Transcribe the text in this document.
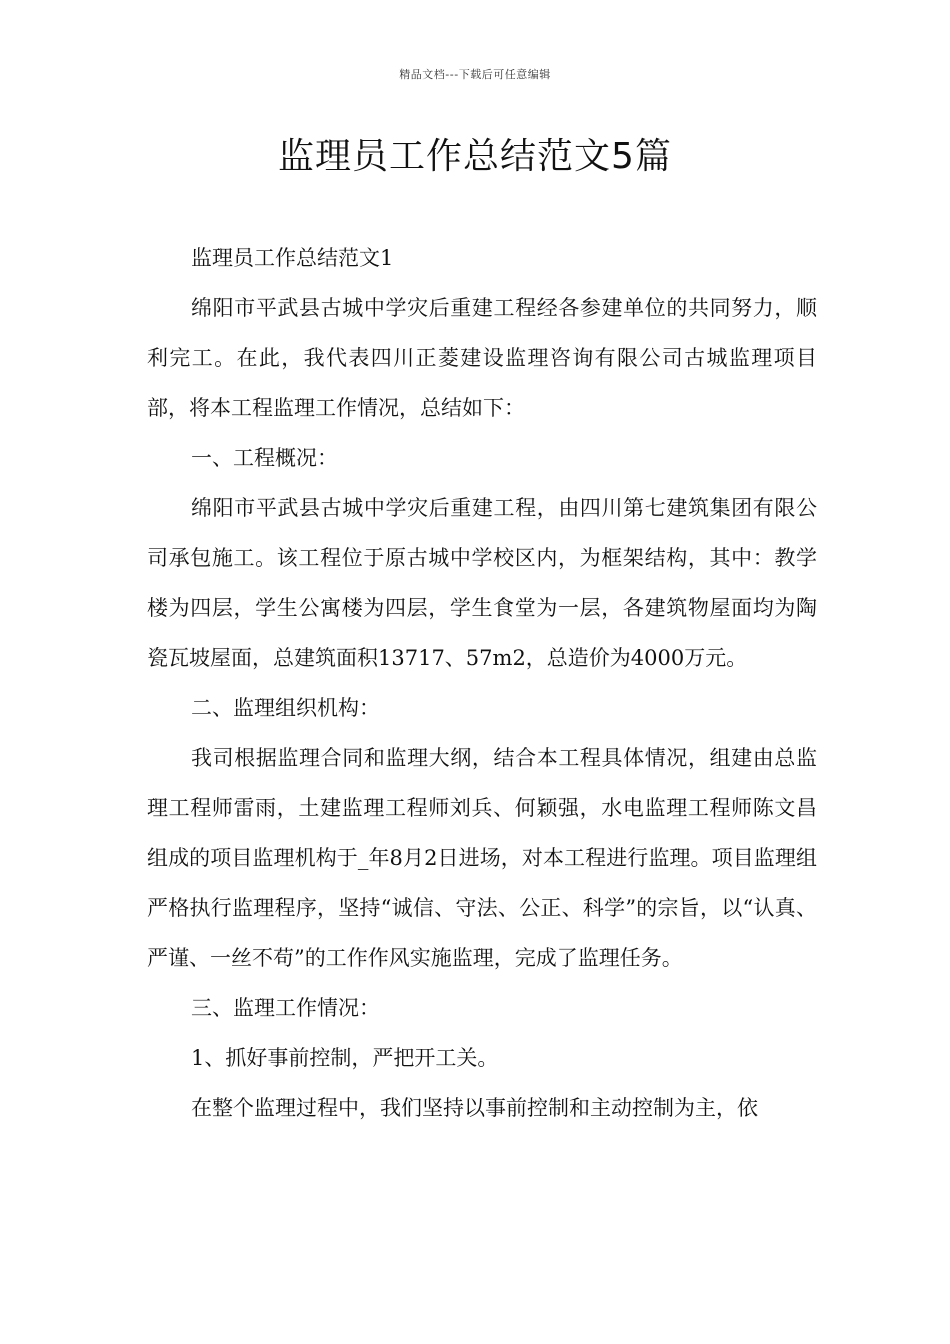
精品文档---下载后可任意编辑
监理员工作总结范文5篇

监理员工作总结范文1

绵阳市平武县古城中学灾后重建工程经各参建单位的共同努力，顺利完工。在此，我代表四川正菱建设监理咨询有限公司古城监理项目部，将本工程监理工作情况，总结如下：

一、工程概况：

绵阳市平武县古城中学灾后重建工程，由四川第七建筑集团有限公司承包施工。该工程位于原古城中学校区内，为框架结构，其中：教学楼为四层，学生公寓楼为四层，学生食堂为一层，各建筑物屋面均为陶瓷瓦坡屋面，总建筑面积13717、57m2，总造价为4000万元。

二、监理组织机构：

我司根据监理合同和监理大纲，结合本工程具体情况，组建由总监理工程师雷雨，土建监理工程师刘兵、何颖强，水电监理工程师陈文昌组成的项目监理机构于_年8月2日进场，对本工程进行监理。项目监理组严格执行监理程序，坚持“诚信、守法、公正、科学”的宗旨，以“认真、严谨、一丝不苟”的工作作风实施监理，完成了监理任务。

三、监理工作情况：

1、抓好事前控制，严把开工关。

在整个监理过程中，我们坚持以事前控制和主动控制为主，依
